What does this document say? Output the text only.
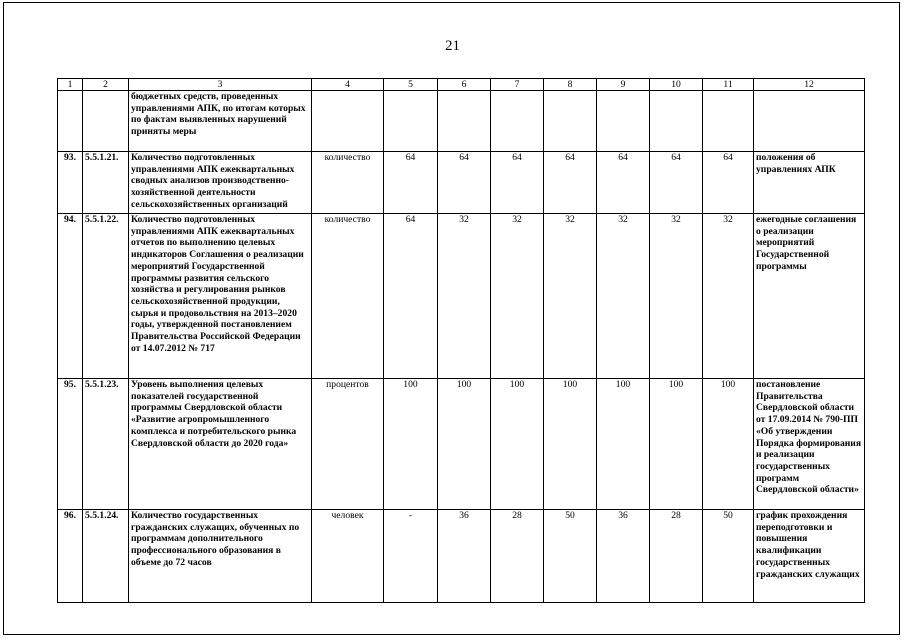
21
1	2	3	4	5	6	7	8	9	10	11	12
		бюджетных средств, проведенных управлениями АПК, по итогам которых по фактам выявленных нарушений приняты меры									
93.	5.5.1.21.	Количество подготовленных управлениями АПК ежеквартальных сводных анализов производственно-хозяйственной деятельности сельскохозяйственных организаций	количество	64	64	64	64	64	64	64	положения об управлениях АПК
94.	5.5.1.22.	Количество подготовленных управлениями АПК ежеквартальных отчетов по выполнению целевых индикаторов Соглашения о реализации мероприятий Государственной программы развития сельского хозяйства и регулирования рынков сельскохозяйственной продукции, сырья и продовольствия на 2013–2020 годы, утвержденной постановлением Правительства Российской Федерации от 14.07.2012 № 717	количество	64	32	32	32	32	32	32	ежегодные соглашения о реализации мероприятий Государственной программы
95.	5.5.1.23.	Уровень выполнения целевых показателей государственной программы Свердловской области «Развитие агропромышленного комплекса и потребительского рынка Свердловской области до 2020 года»	процентов	100	100	100	100	100	100	100	постановление Правительства Свердловской области от 17.09.2014 № 790-ПП «Об утверждении Порядка формирования и реализации государственных программ Свердловской области»
96.	5.5.1.24.	Количество государственных гражданских служащих, обученных по программам дополнительного профессионального образования в объеме до 72 часов	человек	-	36	28	50	36	28	50	график прохождения переподготовки и повышения квалификации государственных гражданских служащих
